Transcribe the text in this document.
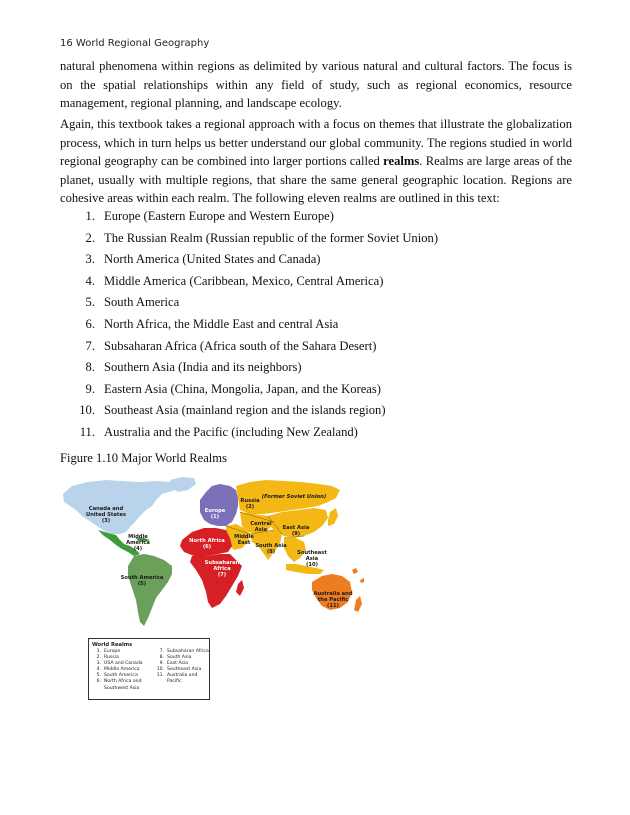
16 World Regional Geography

natural phenomena within regions as delimited by various natural and cultural factors. The focus is on the spatial relationships within any field of study, such as regional economics, resource management, regional planning, and landscape ecology.

Again, this textbook takes a regional approach with a focus on themes that illustrate the globalization process, which in turn helps us better understand our global community. The regions studied in world regional geography can be combined into larger portions called realms. Realms are large areas of the planet, usually with multiple regions, that share the same general geographic location. Regions are cohesive areas within each realm. The following eleven realms are outlined in this text:

1. Europe (Eastern Europe and Western Europe)
2. The Russian Realm (Russian republic of the former Soviet Union)
3. North America (United States and Canada)
4. Middle America (Caribbean, Mexico, Central America)
5. South America
6. North Africa, the Middle East and central Asia
7. Subsaharan Africa (Africa south of the Sahara Desert)
8. Southern Asia (India and its neighbors)
9. Eastern Asia (China, Mongolia, Japan, and the Koreas)
10. Southeast Asia (mainland region and the islands region)
11. Australia and the Pacific (including New Zealand)

Figure 1.10 Major World Realms

Canada and
United States
(3)
Middle
America
(4)
South America
(5)
Europe
(1)
Russia
(2)
(Former Soviet Union)
Central
Asia
Middle
East
North Africa
(6)
Subsaharan
Africa
(7)
South Asia
(8)
East Asia
(9)
Southeast
Asia
(10)
Australia and
the Pacific
(11)
World Realms
1. Europe
2. Russia
3. USA and Canada
4. Middle America
5. South America
6. North Africa and Southwest Asia
7. Subsaharan Africa
8. South Asia
9. East Asia
10. Southeast Asia
11. Australia and Pacific
